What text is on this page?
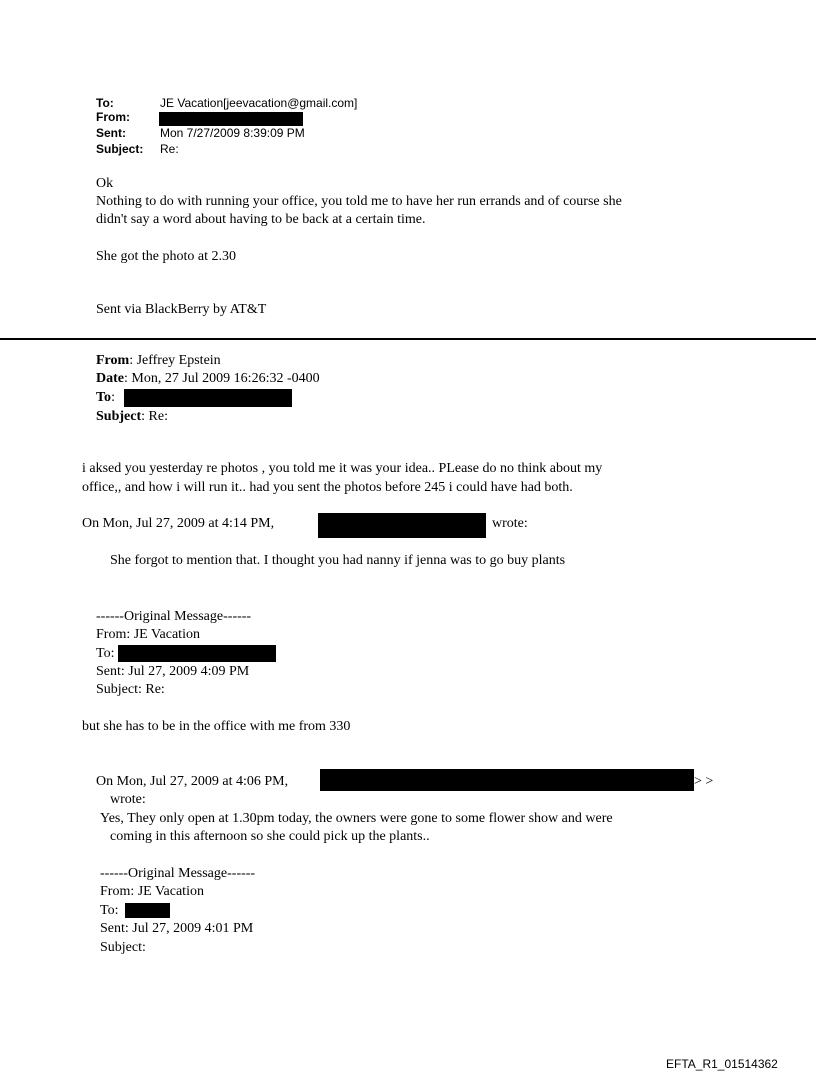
To:	JE Vacation[jeevacation@gmail.com]
From:
Sent:	Mon 7/27/2009 8:39:09 PM
Subject: Re:
Ok
Nothing to do with running your office, you told me to have her run errands and of course she
didn't say a word about having to be back at a certain time.
She got the photo at 2.30
Sent via BlackBerry by AT&T
From: Jeffrey Epstein
Date: Mon, 27 Jul 2009 16:26:32 -0400
To:
Subject: Re:
i aksed you yesterday re photos , you told me it was your idea.. PLease do no think about my
office,, and how i will run it.. had you sent the photos before 245 i could have had both.
On Mon, Jul 27, 2009 at 4:14 PM,	wrote:
She forgot to mention that. I thought you had nanny if jenna was to go buy plants
------Original Message------
From: JE Vacation
To:
Sent: Jul 27, 2009 4:09 PM
Subject: Re:
but she has to be in the office with me from 330
On Mon, Jul 27, 2009 at 4:06 PM,	> >
wrote:
Yes, They only open at 1.30pm today, the owners were gone to some flower show and were
coming in this afternoon so she could pick up the plants..
------Original Message------
From: JE Vacation
To:
Sent: Jul 27, 2009 4:01 PM
Subject:
EFTA_R1_01514362
